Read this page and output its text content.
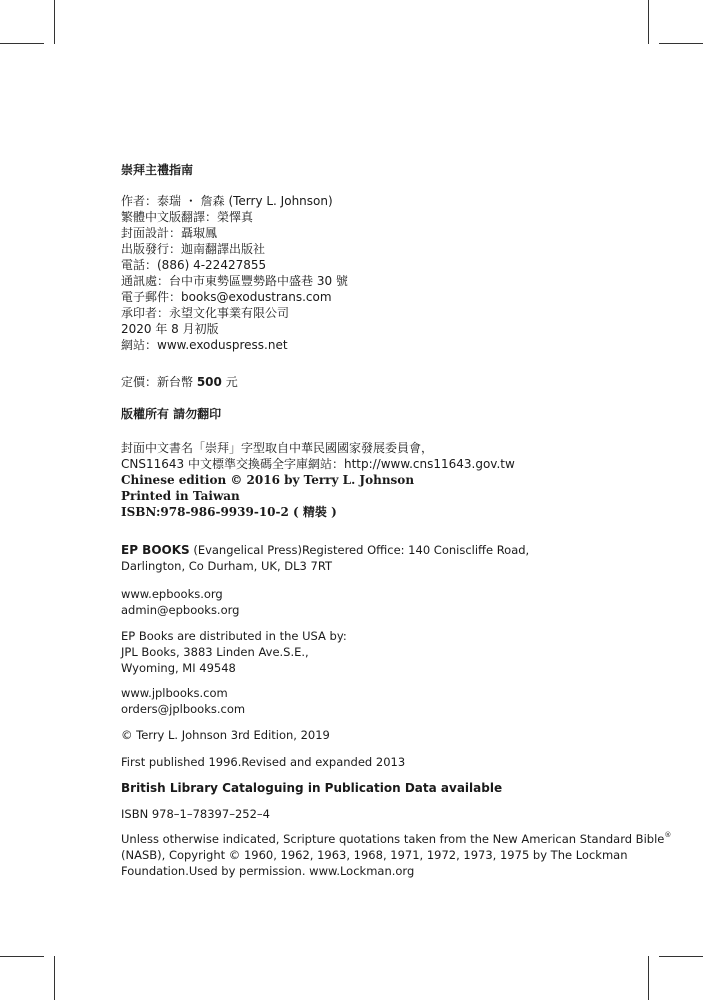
崇拜主禮指南
作者：泰瑞 ・ 詹森 (Terry L. Johnson)
繁體中文版翻譯：榮懌真
封面設計：聶琡鳳
出版發行：迦南翻譯出版社
電話：(886) 4-22427855
通訊處：台中市東勢區豐勢路中盛巷 30 號
電子郵件：books@exodustrans.com
承印者：永望文化事業有限公司
2020 年 8 月初版
網站：www.exoduspress.net
定價：新台幣 500 元
版權所有 請勿翻印
封面中文書名「崇拜」字型取自中華民國國家發展委員會，
CNS11643 中文標準交換碼全字庫網站：http://www.cns11643.gov.tw
Chinese edition © 2016 by Terry L. Johnson
Printed in Taiwan
ISBN:978-986-9939-10-2 ( 精裝 )
EP BOOKS (Evangelical Press)Registered Office: 140 Coniscliffe Road,
Darlington, Co Durham, UK, DL3 7RT
www.epbooks.org
admin@epbooks.org
EP Books are distributed in the USA by:
JPL Books, 3883 Linden Ave.S.E.,
Wyoming, MI 49548
www.jplbooks.com
orders@jplbooks.com
© Terry L. Johnson 3rd Edition, 2019
First published 1996.Revised and expanded 2013
British Library Cataloguing in Publication Data available
ISBN 978–1–78397–252–4
Unless otherwise indicated, Scripture quotations taken from the New American Standard Bible®
(NASB), Copyright © 1960, 1962, 1963, 1968, 1971, 1972, 1973, 1975 by The Lockman
Foundation.Used by permission. www.Lockman.org
